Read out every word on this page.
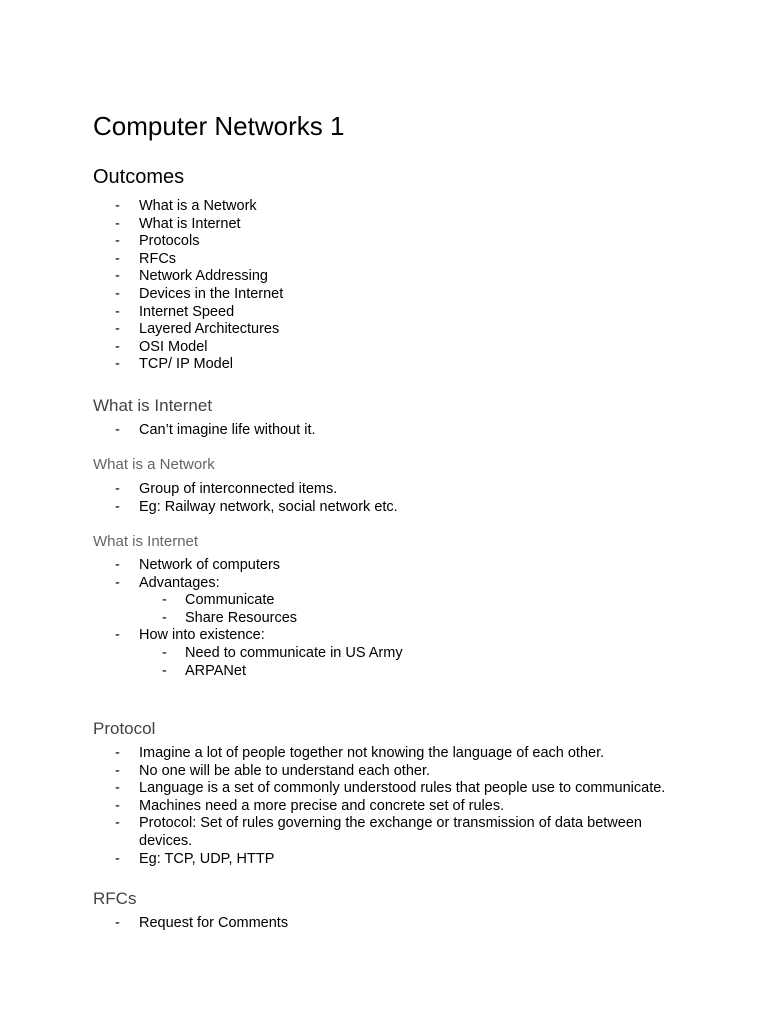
Computer Networks 1
Outcomes
- What is a Network
- What is Internet
- Protocols
- RFCs
- Network Addressing
- Devices in the Internet
- Internet Speed
- Layered Architectures
- OSI Model
- TCP/ IP Model
What is Internet
- Can’t imagine life without it.
What is a Network
- Group of interconnected items.
- Eg: Railway network, social network etc.
What is Internet
- Network of computers
- Advantages:
- Communicate
- Share Resources
- How into existence:
- Need to communicate in US Army
- ARPANet
Protocol
- Imagine a lot of people together not knowing the language of each other.
- No one will be able to understand each other.
- Language is a set of commonly understood rules that people use to communicate.
- Machines need a more precise and concrete set of rules.
- Protocol: Set of rules governing the exchange or transmission of data between devices.
- Eg: TCP, UDP, HTTP
RFCs
- Request for Comments
